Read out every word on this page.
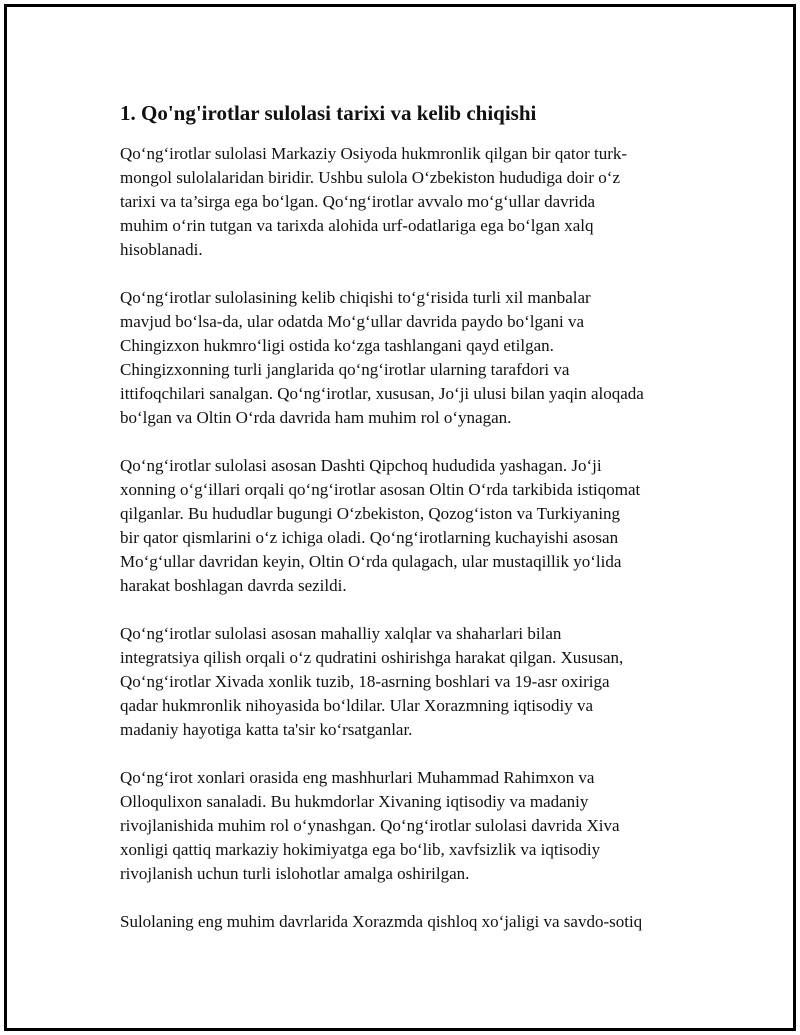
1. Qo'ng'irotlar sulolasi tarixi va kelib chiqishi

Qo‘ng‘irotlar sulolasi Markaziy Osiyoda hukmronlik qilgan bir qator turk-
mongol sulolalaridan biridir. Ushbu sulola O‘zbekiston hududiga doir o‘z
tarixi va ta’sirga ega bo‘lgan. Qo‘ng‘irotlar avvalo mo‘g‘ullar davrida
muhim o‘rin tutgan va tarixda alohida urf-odatlariga ega bo‘lgan xalq
hisoblanadi.

Qo‘ng‘irotlar sulolasining kelib chiqishi to‘g‘risida turli xil manbalar
mavjud bo‘lsa-da, ular odatda Mo‘g‘ullar davrida paydo bo‘lgani va
Chingizxon hukmro‘ligi ostida ko‘zga tashlangani qayd etilgan.
Chingizxonning turli janglarida qo‘ng‘irotlar ularning tarafdori va
ittifoqchilari sanalgan. Qo‘ng‘irotlar, xususan, Jo‘ji ulusi bilan yaqin aloqada
bo‘lgan va Oltin O‘rda davrida ham muhim rol o‘ynagan.

Qo‘ng‘irotlar sulolasi asosan Dashti Qipchoq hududida yashagan. Jo‘ji
xonning o‘g‘illari orqali qo‘ng‘irotlar asosan Oltin O‘rda tarkibida istiqomat
qilganlar. Bu hududlar bugungi O‘zbekiston, Qozog‘iston va Turkiyaning
bir qator qismlarini o‘z ichiga oladi. Qo‘ng‘irotlarning kuchayishi asosan
Mo‘g‘ullar davridan keyin, Oltin O‘rda qulagach, ular mustaqillik yo‘lida
harakat boshlagan davrda sezildi.

Qo‘ng‘irotlar sulolasi asosan mahalliy xalqlar va shaharlari bilan
integratsiya qilish orqali o‘z qudratini oshirishga harakat qilgan. Xususan,
Qo‘ng‘irotlar Xivada xonlik tuzib, 18-asrning boshlari va 19-asr oxiriga
qadar hukmronlik nihoyasida bo‘ldilar. Ular Xorazmning iqtisodiy va
madaniy hayotiga katta ta'sir ko‘rsatganlar.

Qo‘ng‘irot xonlari orasida eng mashhurlari Muhammad Rahimxon va
Olloqulixon sanaladi. Bu hukmdorlar Xivaning iqtisodiy va madaniy
rivojlanishida muhim rol o‘ynashgan. Qo‘ng‘irotlar sulolasi davrida Xiva
xonligi qattiq markaziy hokimiyatga ega bo‘lib, xavfsizlik va iqtisodiy
rivojlanish uchun turli islohotlar amalga oshirilgan.

Sulolaning eng muhim davrlarida Xorazmda qishloq xo‘jaligi va savdo-sotiq
